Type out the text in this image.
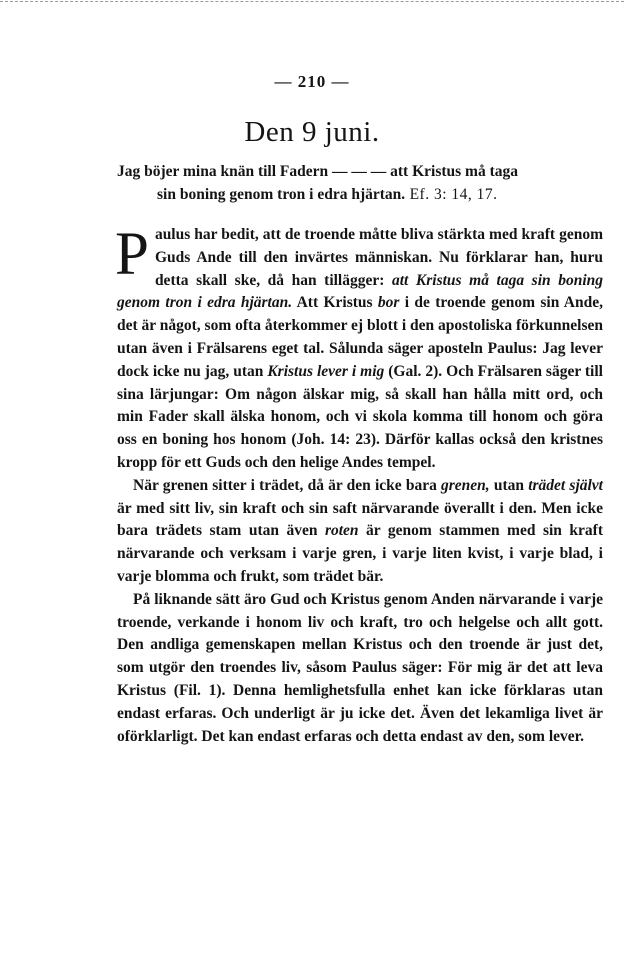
— 210 —
Den 9 juni.
Jag böjer mina knän till Fadern — — — att Kristus må taga
sin boning genom tron i edra hjärtan. Ef. 3: 14, 17.

Paulus har bedit, att de troende måtte bliva stärkta med kraft genom Guds Ande till den invärtes människan. Nu förklarar han, huru detta skall ske, då han tillägger: att Kristus må taga sin boning genom tron i edra hjärtan. Att Kristus bor i de troende genom sin Ande, det är något, som ofta återkommer ej blott i den apostoliska förkunnelsen utan även i Frälsarens eget tal. Sålunda säger aposteln Paulus: Jag lever dock icke nu jag, utan Kristus lever i mig (Gal. 2). Och Frälsaren säger till sina lärjungar: Om någon älskar mig, så skall han hålla mitt ord, och min Fader skall älska honom, och vi skola komma till honom och göra oss en boning hos honom (Joh. 14: 23). Därför kallas också den kristnes kropp för ett Guds och den helige Andes tempel.

När grenen sitter i trädet, då är den icke bara grenen, utan trädet självt är med sitt liv, sin kraft och sin saft närvarande överallt i den. Men icke bara trädets stam utan även roten är genom stammen med sin kraft närvarande och verksam i varje gren, i varje liten kvist, i varje blad, i varje blomma och frukt, som trädet bär.

På liknande sätt äro Gud och Kristus genom Anden närvarande i varje troende, verkande i honom liv och kraft, tro och helgelse och allt gott. Den andliga gemenskapen mellan Kristus och den troende är just det, som utgör den troendes liv, såsom Paulus säger: För mig är det att leva Kristus (Fil. 1). Denna hemlighetsfulla enhet kan icke förklaras utan endast erfaras. Och underligt är ju icke det. Även det lekamliga livet är oförklarligt. Det kan endast erfaras och detta endast av den, som lever.
